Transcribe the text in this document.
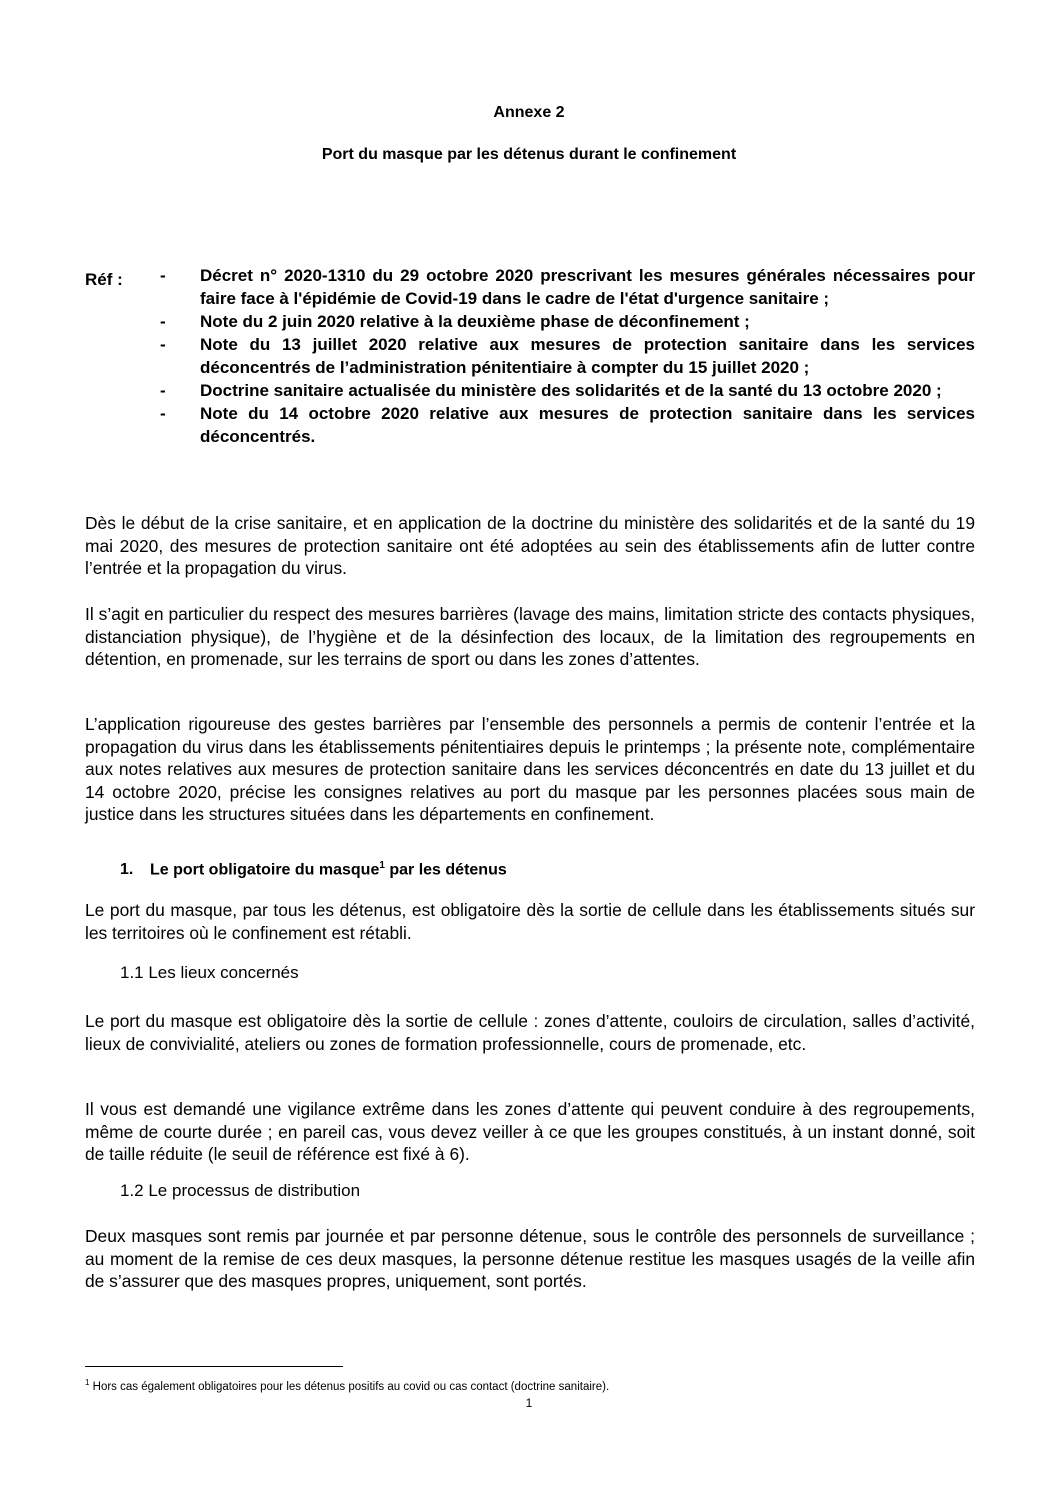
Annexe 2
Port du masque par les détenus durant le confinement
Réf :
-	Décret n° 2020-1310 du 29 octobre 2020 prescrivant les mesures générales nécessaires pour faire face à l'épidémie de Covid-19 dans le cadre de l'état d'urgence sanitaire ;
- Note du 2 juin 2020 relative à la deuxième phase de déconfinement ;
- Note du 13 juillet 2020 relative aux mesures de protection sanitaire dans les services déconcentrés de l’administration pénitentiaire à compter du 15 juillet 2020 ;
- Doctrine sanitaire actualisée du ministère des solidarités et de la santé du 13 octobre 2020 ;
- Note du 14 octobre 2020 relative aux mesures de protection sanitaire dans les services déconcentrés.

Dès le début de la crise sanitaire, et en application de la doctrine du ministère des solidarités et de la santé du 19 mai 2020, des mesures de protection sanitaire ont été adoptées au sein des établissements afin de lutter contre l’entrée et la propagation du virus.

Il s’agit en particulier du respect des mesures barrières (lavage des mains, limitation stricte des contacts physiques, distanciation physique), de l’hygiène et de la désinfection des locaux, de la limitation des regroupements en détention, en promenade, sur les terrains de sport ou dans les zones d’attentes.

L’application rigoureuse des gestes barrières par l’ensemble des personnels a permis de contenir l’entrée et la propagation du virus dans les établissements pénitentiaires depuis le printemps ; la présente note, complémentaire aux notes relatives aux mesures de protection sanitaire dans les services déconcentrés en date du 13 juillet et du 14 octobre 2020, précise les consignes relatives au port du masque par les personnes placées sous main de justice dans les structures situées dans les départements en confinement.

1. Le port obligatoire du masque$^1$ par les détenus

Le port du masque, par tous les détenus, est obligatoire dès la sortie de cellule dans les établissements situés sur les territoires où le confinement est rétabli.

1.1 Les lieux concernés

Le port du masque est obligatoire dès la sortie de cellule : zones d’attente, couloirs de circulation, salles d’activité, lieux de convivialité, ateliers ou zones de formation professionnelle, cours de promenade, etc.

Il vous est demandé une vigilance extrême dans les zones d’attente qui peuvent conduire à des regroupements, même de courte durée ; en pareil cas, vous devez veiller à ce que les groupes constitués, à un instant donné, soit de taille réduite (le seuil de référence est fixé à 6).

1.2 Le processus de distribution

Deux masques sont remis par journée et par personne détenue, sous le contrôle des personnels de surveillance ; au moment de la remise de ces deux masques, la personne détenue restitue les masques usagés de la veille afin de s’assurer que des masques propres, uniquement, sont portés.

$^1$ Hors cas également obligatoires pour les détenus positifs au covid ou cas contact (doctrine sanitaire).
1
